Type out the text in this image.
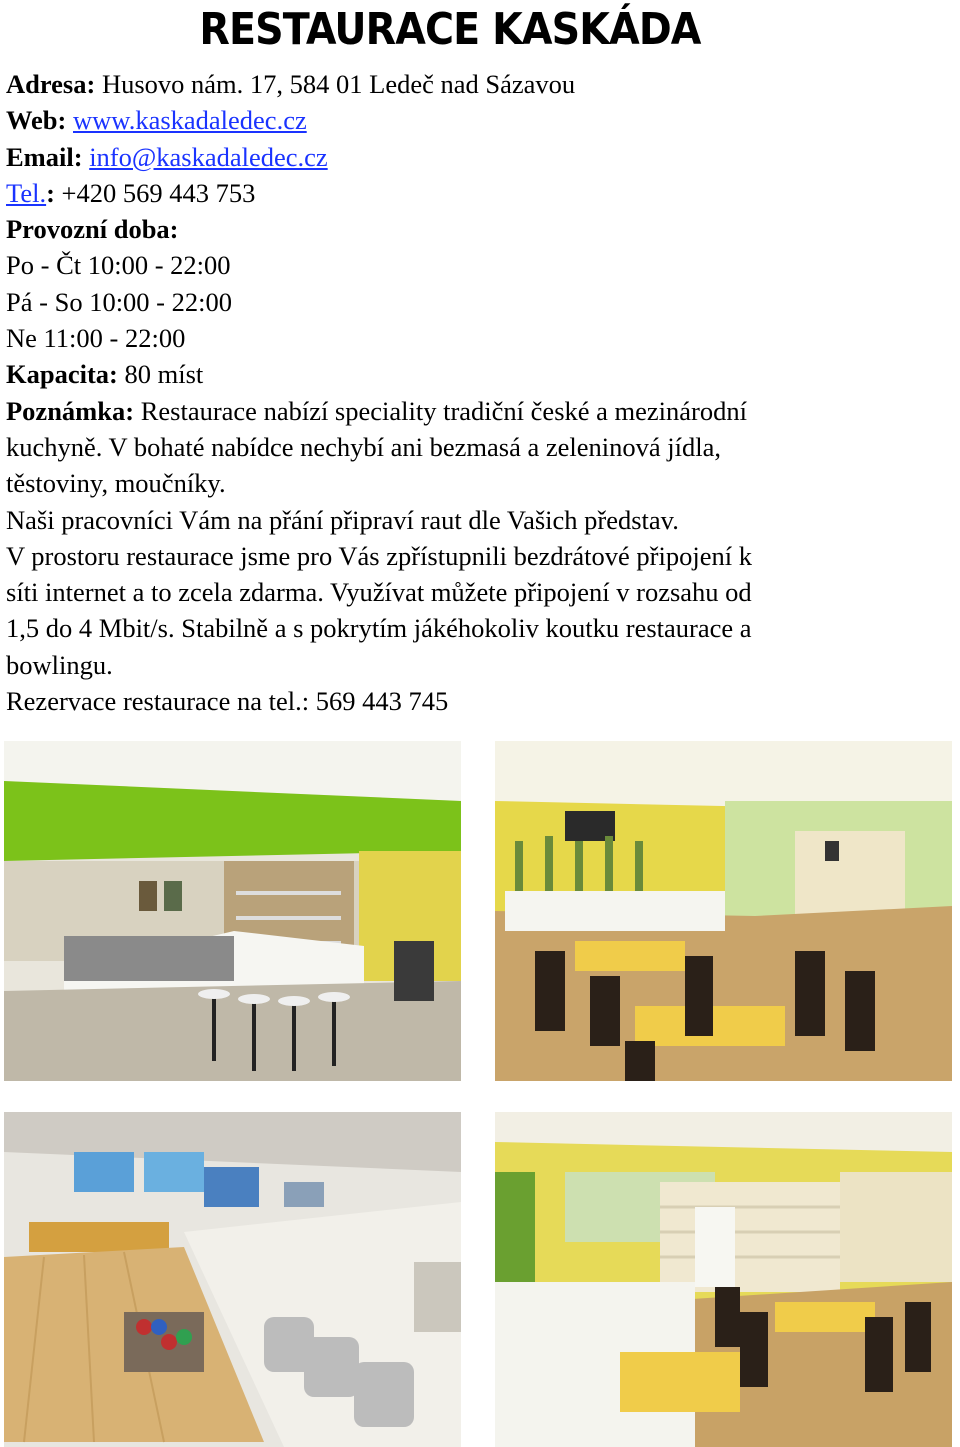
RESTAURACE KASKÁDA
Adresa: Husovo nám. 17, 584 01 Ledeč nad Sázavou
Web: www.kaskadaledec.cz
Email: info@kaskadaledec.cz
Tel.: +420 569 443 753
Provozní doba:
Po - Čt 10:00 - 22:00
Pá - So 10:00 - 22:00
Ne 11:00 - 22:00
Kapacita: 80 míst
Poznámka: Restaurace nabízí speciality tradiční české a mezinárodní
kuchyně. V bohaté nabídce nechybí ani bezmasá a zeleninová jídla,
těstoviny, moučníky.
Naši pracovníci Vám na přání připraví raut dle Vašich představ.
V prostoru restaurace jsme pro Vás zpřístupnili bezdrátové připojení k
síti internet a to zcela zdarma. Využívat můžete připojení v rozsahu od
1,5 do 4 Mbit/s. Stabilně a s pokrytím jákéhokoliv koutku restaurace a
bowlingu.
Rezervace restaurace na tel.: 569 443 745
